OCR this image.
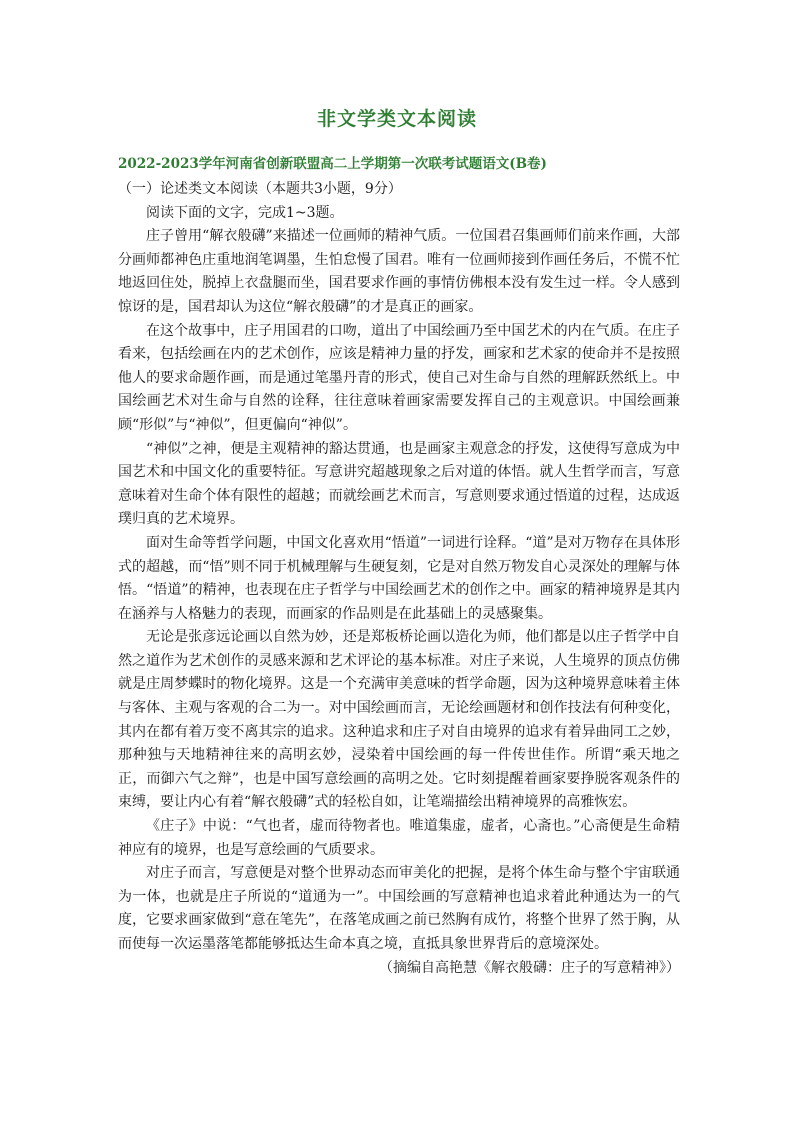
非文学类文本阅读
2022-2023学年河南省创新联盟高二上学期第一次联考试题语文(B卷)

（一）论述类文本阅读（本题共3小题，9分）

阅读下面的文字，完成1~3题。

庄子曾用“解衣般礴”来描述一位画师的精神气质。一位国君召集画师们前来作画，大部分画师都神色庄重地润笔调墨，生怕怠慢了国君。唯有一位画师接到作画任务后，不慌不忙地返回住处，脱掉上衣盘腿而坐，国君要求作画的事情仿佛根本没有发生过一样。令人感到惊讶的是，国君却认为这位“解衣般礴”的才是真正的画家。

在这个故事中，庄子用国君的口吻，道出了中国绘画乃至中国艺术的内在气质。在庄子看来，包括绘画在内的艺术创作，应该是精神力量的抒发，画家和艺术家的使命并不是按照他人的要求命题作画，而是通过笔墨丹青的形式，使自己对生命与自然的理解跃然纸上。中国绘画艺术对生命与自然的诠释，往往意味着画家需要发挥自己的主观意识。中国绘画兼顾“形似”与“神似”，但更偏向“神似”。

“神似”之神，便是主观精神的豁达贯通，也是画家主观意念的抒发，这使得写意成为中国艺术和中国文化的重要特征。写意讲究超越现象之后对道的体悟。就人生哲学而言，写意意味着对生命个体有限性的超越；而就绘画艺术而言，写意则要求通过悟道的过程，达成返璞归真的艺术境界。

面对生命等哲学问题，中国文化喜欢用“悟道”一词进行诠释。“道”是对万物存在具体形式的超越，而“悟”则不同于机械理解与生硬复刻，它是对自然万物发自心灵深处的理解与体悟。“悟道”的精神，也表现在庄子哲学与中国绘画艺术的创作之中。画家的精神境界是其内在涵养与人格魅力的表现，而画家的作品则是在此基础上的灵感聚集。

无论是张彦远论画以自然为妙，还是郑板桥论画以造化为师，他们都是以庄子哲学中自然之道作为艺术创作的灵感来源和艺术评论的基本标准。对庄子来说，人生境界的顶点仿佛就是庄周梦蝶时的物化境界。这是一个充满审美意味的哲学命题，因为这种境界意味着主体与客体、主观与客观的合二为一。对中国绘画而言，无论绘画题材和创作技法有何种变化，其内在都有着万变不离其宗的追求。这种追求和庄子对自由境界的追求有着异曲同工之妙，那种独与天地精神往来的高明玄妙，浸染着中国绘画的每一件传世佳作。所谓“乘天地之正，而御六气之辩”，也是中国写意绘画的高明之处。它时刻提醒着画家要挣脱客观条件的束缚，要让内心有着“解衣般礴”式的轻松自如，让笔端描绘出精神境界的高雅恢宏。

《庄子》中说：“气也者，虚而待物者也。唯道集虚，虚者，心斋也。”心斋便是生命精神应有的境界，也是写意绘画的气质要求。

对庄子而言，写意便是对整个世界动态而审美化的把握，是将个体生命与整个宇宙联通为一体，也就是庄子所说的“道通为一”。中国绘画的写意精神也追求着此种通达为一的气度，它要求画家做到“意在笔先”，在落笔成画之前已然胸有成竹，将整个世界了然于胸，从而使每一次运墨落笔都能够抵达生命本真之境，直抵具象世界背后的意境深处。

（摘编自高艳慧《解衣般礴：庄子的写意精神》）
